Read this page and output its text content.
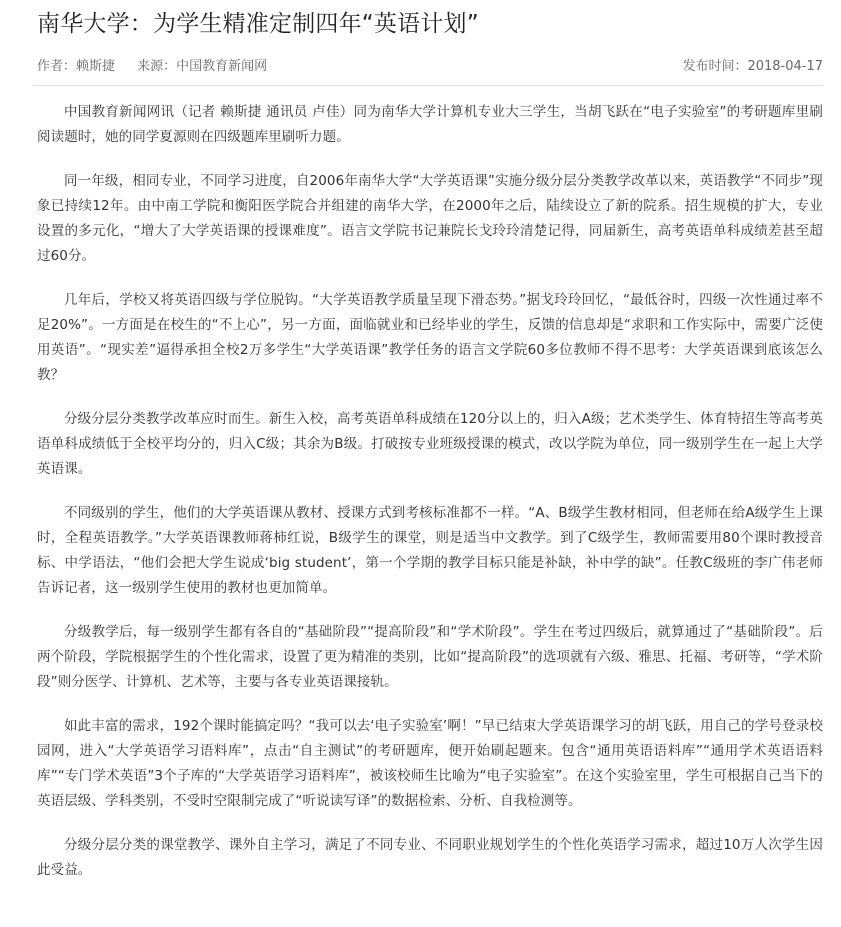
南华大学：为学生精准定制四年“英语计划”
作者：赖斯捷 来源：中国教育新闻网	发布时间：2018-04-17

中国教育新闻网讯（记者 赖斯捷 通讯员 卢佳）同为南华大学计算机专业大三学生，当胡飞跃在“电子实验室”的考研题库里刷阅读题时，她的同学夏源则在四级题库里刷听力题。

同一年级，相同专业，不同学习进度，自2006年南华大学“大学英语课”实施分级分层分类教学改革以来，英语教学“不同步”现象已持续12年。由中南工学院和衡阳医学院合并组建的南华大学，在2000年之后，陆续设立了新的院系。招生规模的扩大，专业设置的多元化，“增大了大学英语课的授课难度”。语言文学院书记兼院长戈玲玲清楚记得，同届新生，高考英语单科成绩差甚至超过60分。

几年后，学校又将英语四级与学位脱钩。“大学英语教学质量呈现下滑态势。”据戈玲玲回忆，“最低谷时，四级一次性通过率不足20%”。一方面是在校生的“不上心”，另一方面，面临就业和已经毕业的学生，反馈的信息却是“求职和工作实际中，需要广泛使用英语”。“现实差”逼得承担全校2万多学生“大学英语课”教学任务的语言文学院60多位教师不得不思考：大学英语课到底该怎么教？

分级分层分类教学改革应时而生。新生入校，高考英语单科成绩在120分以上的，归入A级；艺术类学生、体育特招生等高考英语单科成绩低于全校平均分的，归入C级；其余为B级。打破按专业班级授课的模式，改以学院为单位，同一级别学生在一起上大学英语课。

不同级别的学生，他们的大学英语课从教材、授课方式到考核标准都不一样。“A、B级学生教材相同，但老师在给A级学生上课时，全程英语教学。”大学英语课教师蒋柿红说，B级学生的课堂，则是适当中文教学。到了C级学生，教师需要用80个课时教授音标、中学语法，“他们会把大学生说成‘big student’，第一个学期的教学目标只能是补缺，补中学的缺”。任教C级班的李广伟老师告诉记者，这一级别学生使用的教材也更加简单。

分级教学后，每一级别学生都有各自的“基础阶段”“提高阶段”和“学术阶段”。学生在考过四级后，就算通过了“基础阶段”。后两个阶段，学院根据学生的个性化需求，设置了更为精准的类别，比如“提高阶段”的选项就有六级、雅思、托福、考研等，“学术阶段”则分医学、计算机、艺术等，主要与各专业英语课接轨。

如此丰富的需求，192个课时能搞定吗？“我可以去‘电子实验室’啊！”早已结束大学英语课学习的胡飞跃，用自己的学号登录校园网，进入“大学英语学习语料库”，点击“自主测试”的考研题库，便开始刷起题来。包含“通用英语语料库”“通用学术英语语料库”“专门学术英语”3个子库的“大学英语学习语料库”，被该校师生比喻为“电子实验室”。在这个实验室里，学生可根据自己当下的英语层级、学科类别，不受时空限制完成了“听说读写译”的数据检索、分析、自我检测等。

分级分层分类的课堂教学、课外自主学习，满足了不同专业、不同职业规划学生的个性化英语学习需求，超过10万人次学生因此受益。
